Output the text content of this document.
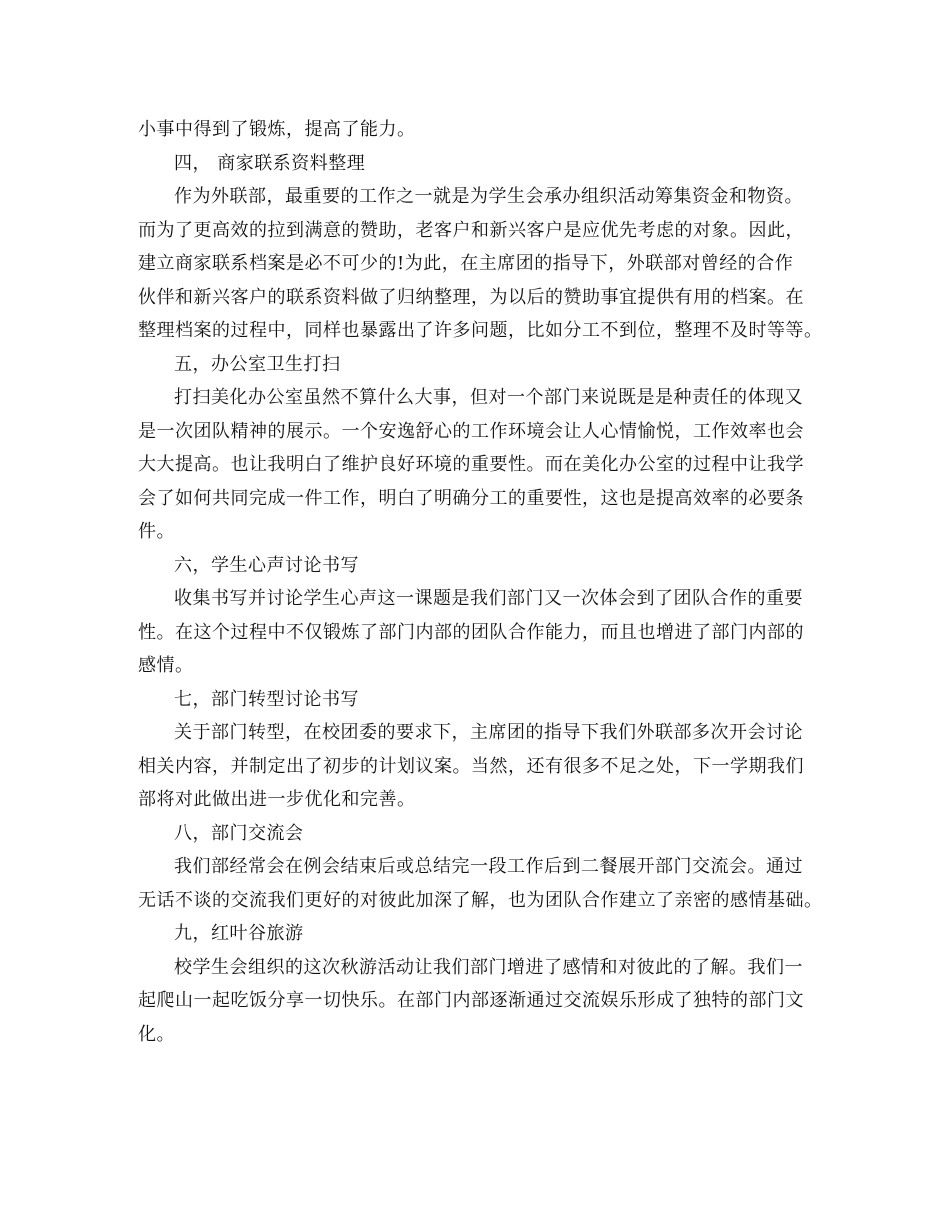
小事中得到了锻炼，提高了能力。
四， 商家联系资料整理
作为外联部，最重要的工作之一就是为学生会承办组织活动筹集资金和物资。
而为了更高效的拉到满意的赞助，老客户和新兴客户是应优先考虑的对象。因此，
建立商家联系档案是必不可少的!为此，在主席团的指导下，外联部对曾经的合作
伙伴和新兴客户的联系资料做了归纳整理，为以后的赞助事宜提供有用的档案。在
整理档案的过程中，同样也暴露出了许多问题，比如分工不到位，整理不及时等等。
五，办公室卫生打扫
打扫美化办公室虽然不算什么大事，但对一个部门来说既是是种责任的体现又
是一次团队精神的展示。一个安逸舒心的工作环境会让人心情愉悦，工作效率也会
大大提高。也让我明白了维护良好环境的重要性。而在美化办公室的过程中让我学
会了如何共同完成一件工作，明白了明确分工的重要性，这也是提高效率的必要条
件。
六，学生心声讨论书写
收集书写并讨论学生心声这一课题是我们部门又一次体会到了团队合作的重要
性。在这个过程中不仅锻炼了部门内部的团队合作能力，而且也增进了部门内部的
感情。
七，部门转型讨论书写
关于部门转型，在校团委的要求下，主席团的指导下我们外联部多次开会讨论
相关内容，并制定出了初步的计划议案。当然，还有很多不足之处，下一学期我们
部将对此做出进一步优化和完善。
八，部门交流会
我们部经常会在例会结束后或总结完一段工作后到二餐展开部门交流会。通过
无话不谈的交流我们更好的对彼此加深了解，也为团队合作建立了亲密的感情基础。
九，红叶谷旅游
校学生会组织的这次秋游活动让我们部门增进了感情和对彼此的了解。我们一
起爬山一起吃饭分享一切快乐。在部门内部逐渐通过交流娱乐形成了独特的部门文
化。
